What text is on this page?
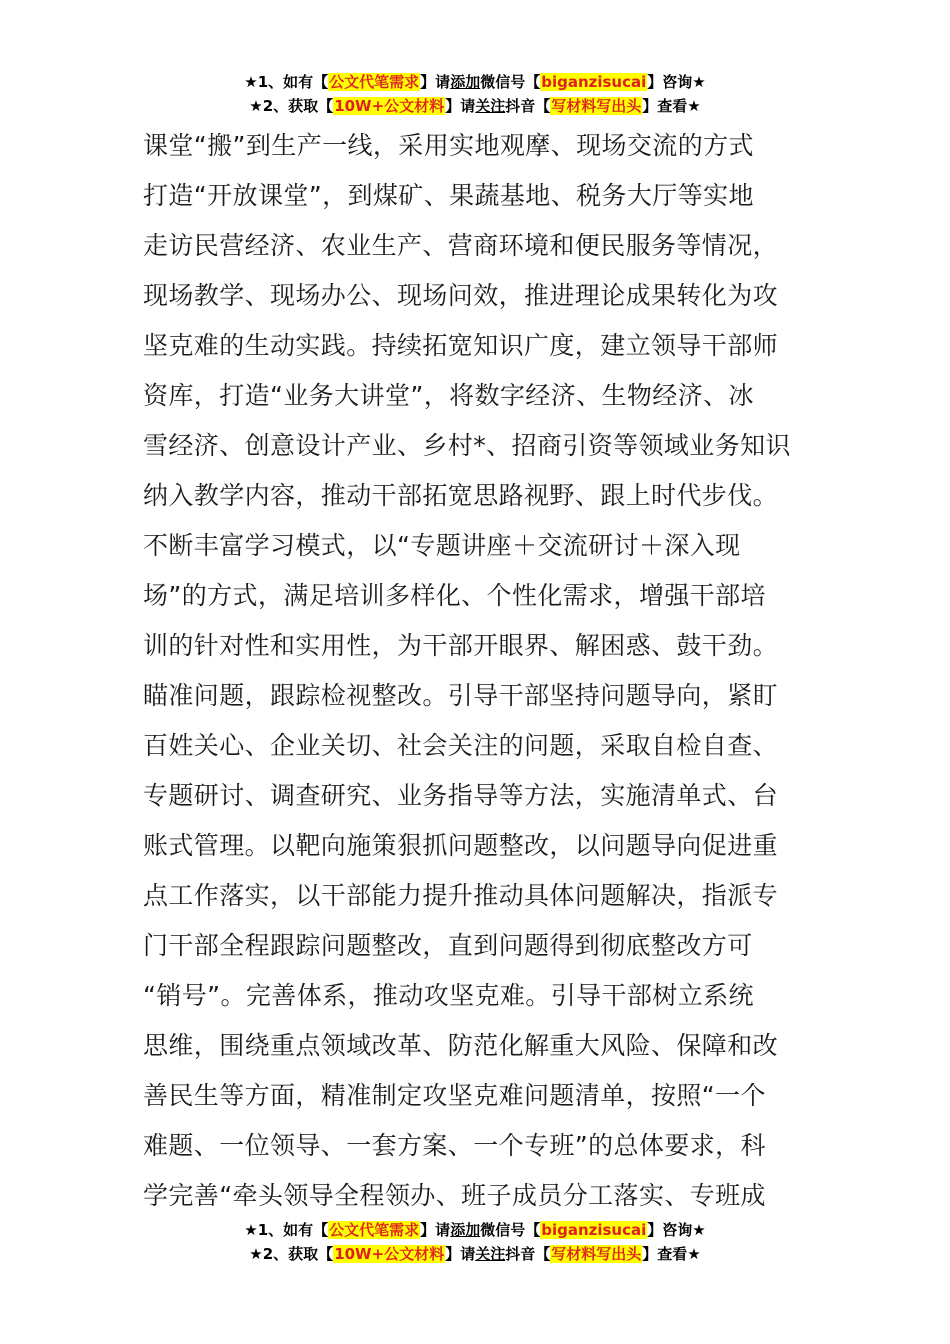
★1、如有【公文代笔需求】请添加微信号【biganzisucai】咨询★
★2、获取【10W+公文材料】请关注抖音【写材料写出头】查看★
课堂“搬”到生产一线，采用实地观摩、现场交流的方式
打造“开放课堂”，到煤矿、果蔬基地、税务大厅等实地
走访民营经济、农业生产、营商环境和便民服务等情况，
现场教学、现场办公、现场问效，推进理论成果转化为攻
坚克难的生动实践。持续拓宽知识广度，建立领导干部师
资库，打造“业务大讲堂”，将数字经济、生物经济、冰
雪经济、创意设计产业、乡村*、招商引资等领域业务知识
纳入教学内容，推动干部拓宽思路视野、跟上时代步伐。
不断丰富学习模式，以“专题讲座＋交流研讨＋深入现
场”的方式，满足培训多样化、个性化需求，增强干部培
训的针对性和实用性，为干部开眼界、解困惑、鼓干劲。
瞄准问题，跟踪检视整改。引导干部坚持问题导向，紧盯
百姓关心、企业关切、社会关注的问题，采取自检自查、
专题研讨、调查研究、业务指导等方法，实施清单式、台
账式管理。以靶向施策狠抓问题整改，以问题导向促进重
点工作落实，以干部能力提升推动具体问题解决，指派专
门干部全程跟踪问题整改，直到问题得到彻底整改方可
“销号”。完善体系，推动攻坚克难。引导干部树立系统
思维，围绕重点领域改革、防范化解重大风险、保障和改
善民生等方面，精准制定攻坚克难问题清单，按照“一个
难题、一位领导、一套方案、一个专班”的总体要求，科
学完善“牵头领导全程领办、班子成员分工落实、专班成
★1、如有【公文代笔需求】请添加微信号【biganzisucai】咨询★
★2、获取【10W+公文材料】请关注抖音【写材料写出头】查看★
